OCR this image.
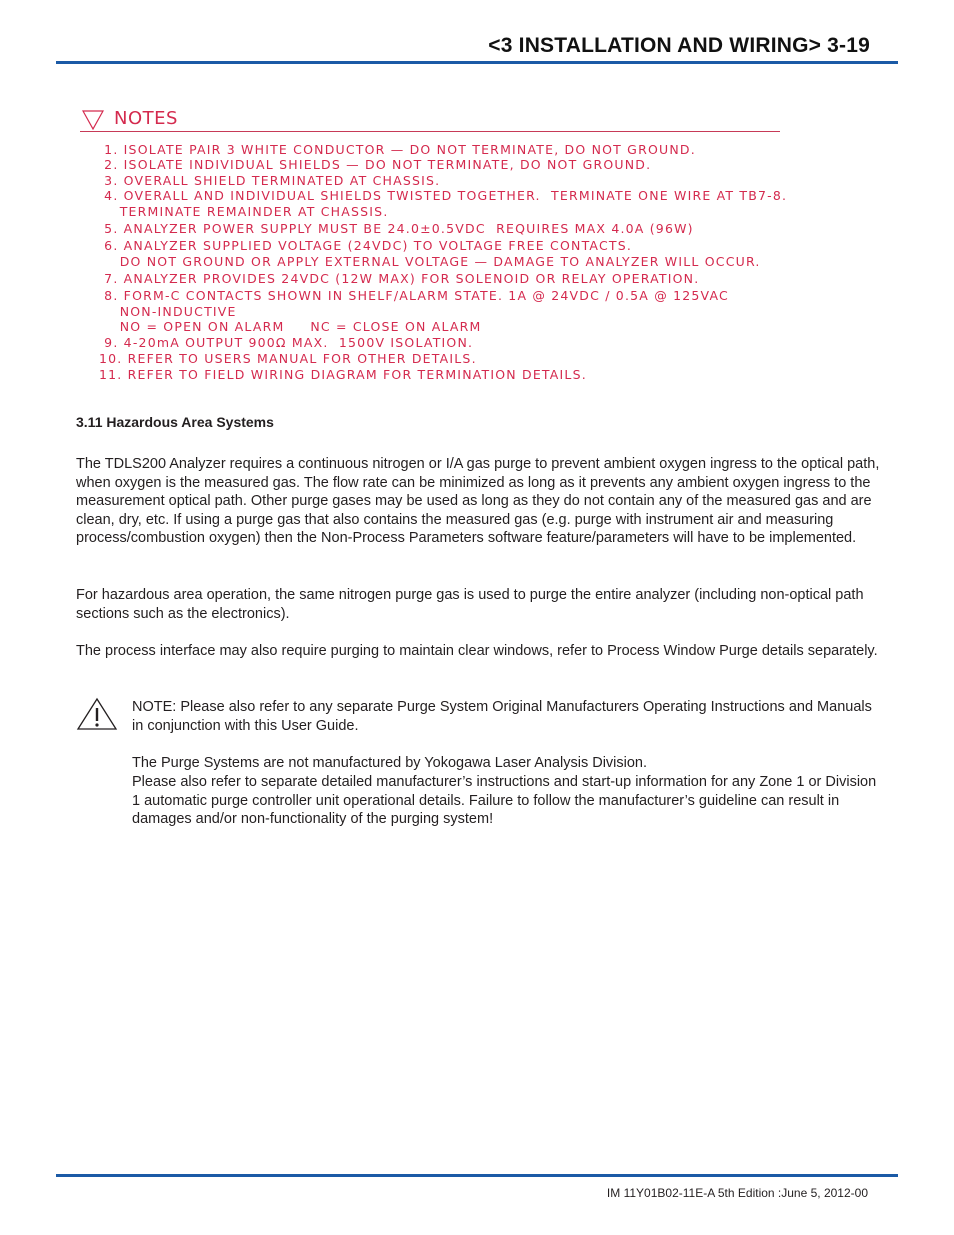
<3 INSTALLATION AND WIRING> 3-19
NOTES

1. ISOLATE PAIR 3 WHITE CONDUCTOR — DO NOT TERMINATE, DO NOT GROUND.

2. ISOLATE INDIVIDUAL SHIELDS — DO NOT TERMINATE, DO NOT GROUND.

3. OVERALL SHIELD TERMINATED AT CHASSIS.

4. OVERALL AND INDIVIDUAL SHIELDS TWISTED TOGETHER.  TERMINATE ONE WIRE AT TB7-8.

TERMINATE REMAINDER AT CHASSIS.

5. ANALYZER POWER SUPPLY MUST BE 24.0±0.5VDC  REQUIRES MAX 4.0A (96W)

6. ANALYZER SUPPLIED VOLTAGE (24VDC) TO VOLTAGE FREE CONTACTS.

DO NOT GROUND OR APPLY EXTERNAL VOLTAGE — DAMAGE TO ANALYZER WILL OCCUR.

7. ANALYZER PROVIDES 24VDC (12W MAX) FOR SOLENOID OR RELAY OPERATION.

8. FORM-C CONTACTS SHOWN IN SHELF/ALARM STATE. 1A @ 24VDC / 0.5A @ 125VAC

NON-INDUCTIVE

NO = OPEN ON ALARM     NC = CLOSE ON ALARM

9. 4-20mA OUTPUT 900Ω MAX.  1500V ISOLATION.

10. REFER TO USERS MANUAL FOR OTHER DETAILS.

11. REFER TO FIELD WIRING DIAGRAM FOR TERMINATION DETAILS.

3.11 Hazardous Area Systems

The TDLS200 Analyzer requires a continuous nitrogen or I/A gas purge to prevent ambient oxygen ingress to the optical path, when oxygen is the measured gas. The flow rate can be minimized as long as it prevents any ambient oxygen ingress to the measurement optical path. Other purge gases may be used as long as they do not contain any of the measured gas and are clean, dry, etc. If using a purge gas that also contains the measured gas (e.g. purge with instrument air and measuring process/combustion oxygen) then the Non-Process Parameters software feature/parameters will have to be implemented.

For hazardous area operation, the same nitrogen purge gas is used to purge the entire analyzer (including non-optical path sections such as the electronics).

The process interface may also require purging to maintain clear windows, refer to Process Window Purge details separately.

NOTE: Please also refer to any separate Purge System Original Manufacturers Operating Instructions and Manuals in conjunction with this User Guide.

The Purge Systems are not manufactured by Yokogawa Laser Analysis Division.

Please also refer to separate detailed manufacturer’s instructions and start-up information for any Zone 1 or Division 1 automatic purge controller unit operational details. Failure to follow the manufacturer’s guideline can result in damages and/or non-functionality of the purging system!

IM 11Y01B02-11E-A 5th Edition :June 5, 2012-00
